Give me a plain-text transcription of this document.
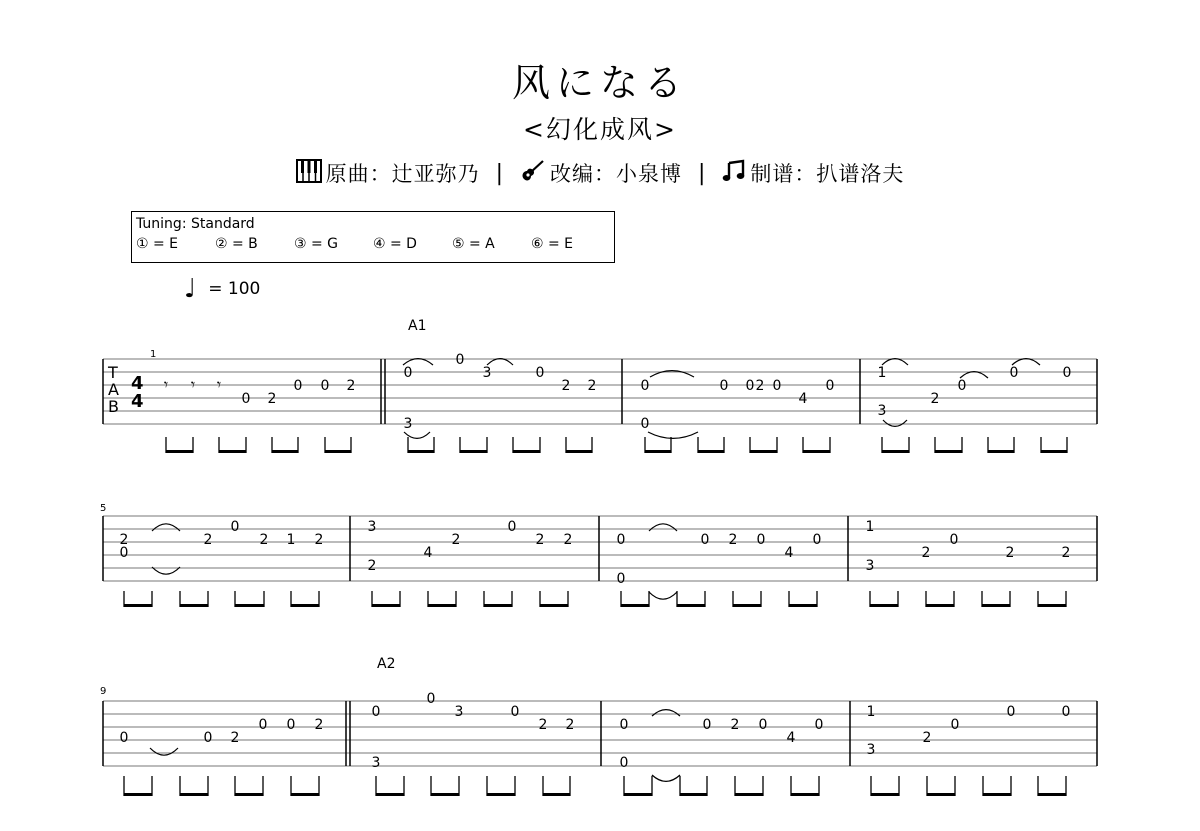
风になる
<幻化成风>
原曲： 辻亚弥乃 | 改编： 小泉博 | 制谱： 扒谱洛夫
Tuning: Standard
① = E	② = B	③ = G	④ = D	⑤ = A	⑥ = E
♩ = 100
A1
A2
1
5
9
T
A
B
4
4
𝄾 𝄾 𝄾
0 2
0 0 2
0
3
0
3	0
2 2	0
0
0 0 2 0
4
0
1
3
2
0
0	0
2
0
2
0
2 1 2
3
2
4
2
0
2 2	0
0
0 2 0
4
0
1
3
2
0
2	2
0	0 2
0 0 2
0
3
0
3	0
2 2	0
0
0 2 0
4
0
1
3
2
0
0	0
